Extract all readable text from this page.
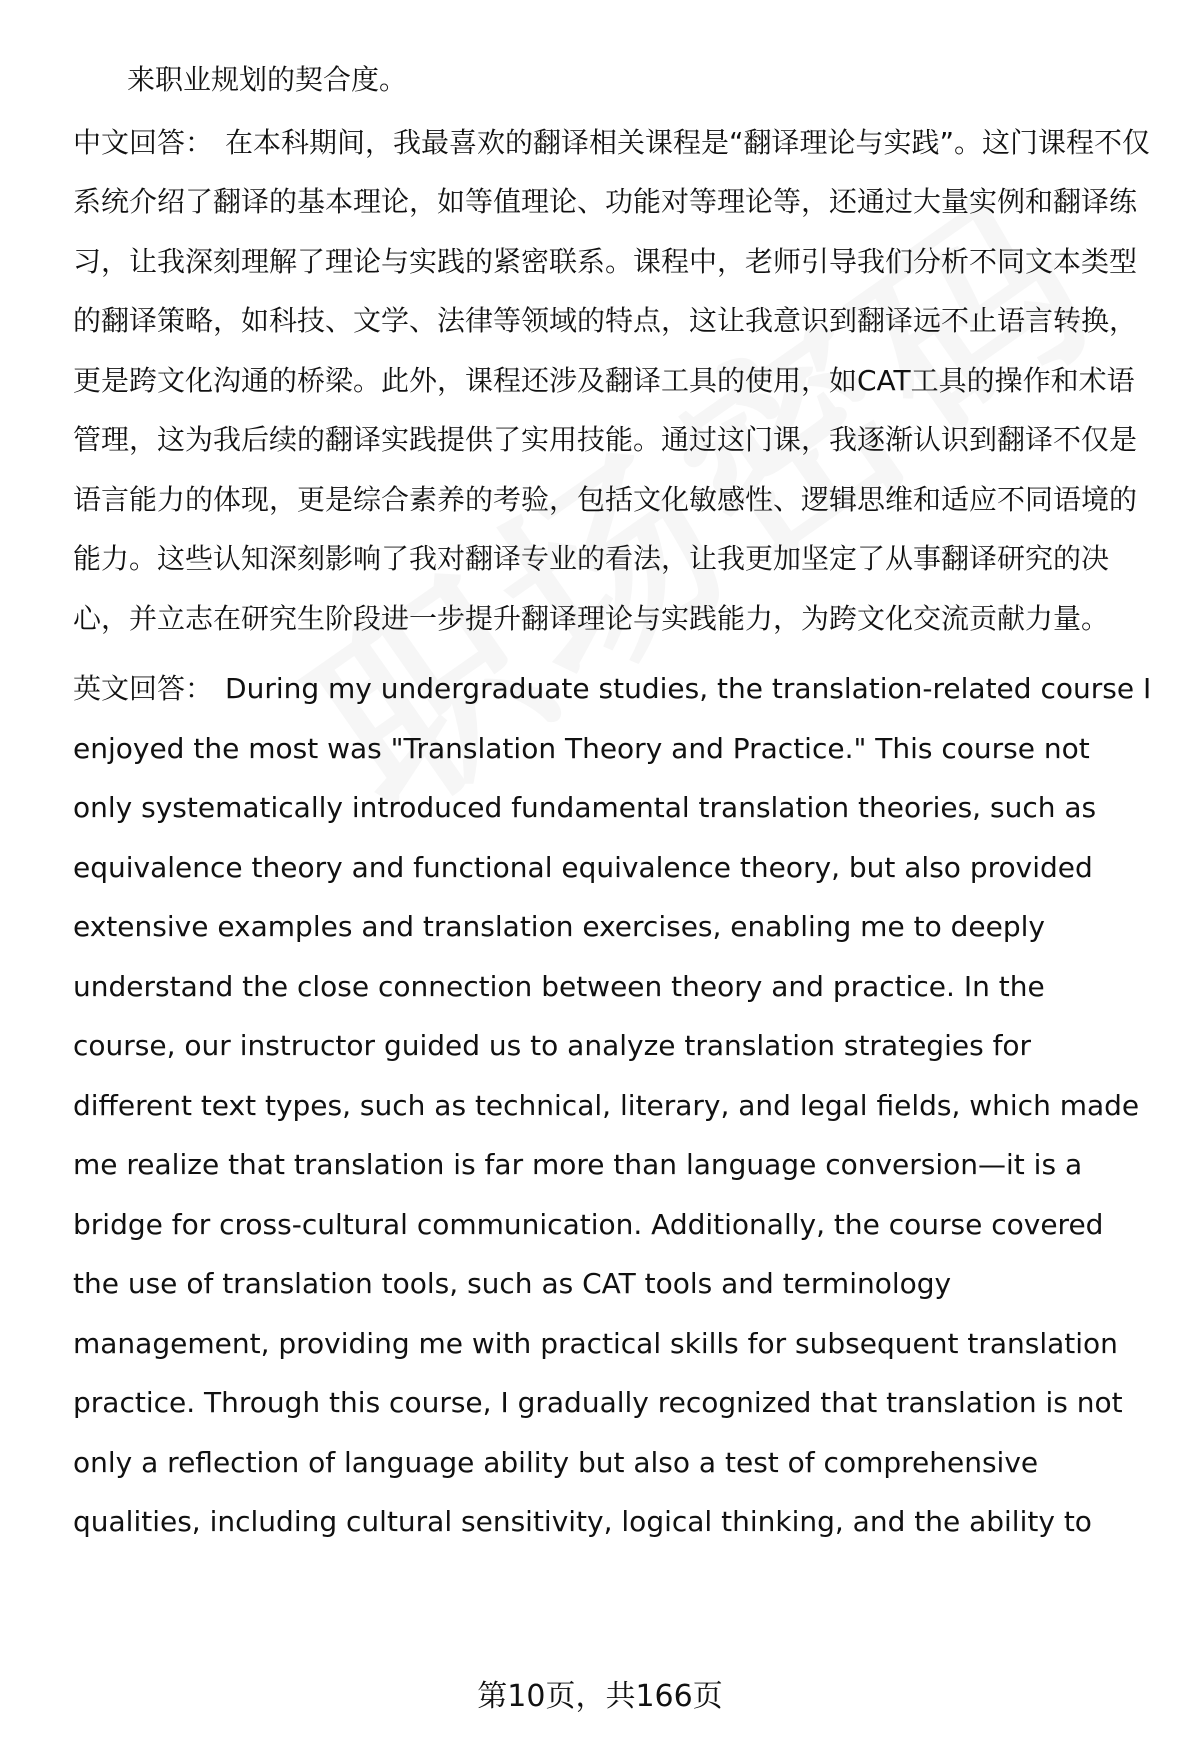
来职业规划的契合度。

中文回答： 在本科期间，我最喜欢的翻译相关课程是“翻译理论与实践”。这门课程不仅系统介绍了翻译的基本理论，如等值理论、功能对等理论等，还通过大量实例和翻译练习，让我深刻理解了理论与实践的紧密联系。课程中，老师引导我们分析不同文本类型的翻译策略，如科技、文学、法律等领域的特点，这让我意识到翻译远不止语言转换，更是跨文化沟通的桥梁。此外，课程还涉及翻译工具的使用，如CAT工具的操作和术语管理，这为我后续的翻译实践提供了实用技能。通过这门课，我逐渐认识到翻译不仅是语言能力的体现，更是综合素养的考验，包括文化敏感性、逻辑思维和适应不同语境的能力。这些认知深刻影响了我对翻译专业的看法，让我更加坚定了从事翻译研究的决心，并立志在研究生阶段进一步提升翻译理论与实践能力，为跨文化交流贡献力量。

英文回答： During my undergraduate studies, the translation-related course I enjoyed the most was "Translation Theory and Practice." This course not only systematically introduced fundamental translation theories, such as equivalence theory and functional equivalence theory, but also provided extensive examples and translation exercises, enabling me to deeply understand the close connection between theory and practice. In the course, our instructor guided us to analyze translation strategies for different text types, such as technical, literary, and legal fields, which made me realize that translation is far more than language conversion—it is a bridge for cross-cultural communication. Additionally, the course covered the use of translation tools, such as CAT tools and terminology management, providing me with practical skills for subsequent translation practice. Through this course, I gradually recognized that translation is not only a reflection of language ability but also a test of comprehensive qualities, including cultural sensitivity, logical thinking, and the ability to

第10页，共166页
